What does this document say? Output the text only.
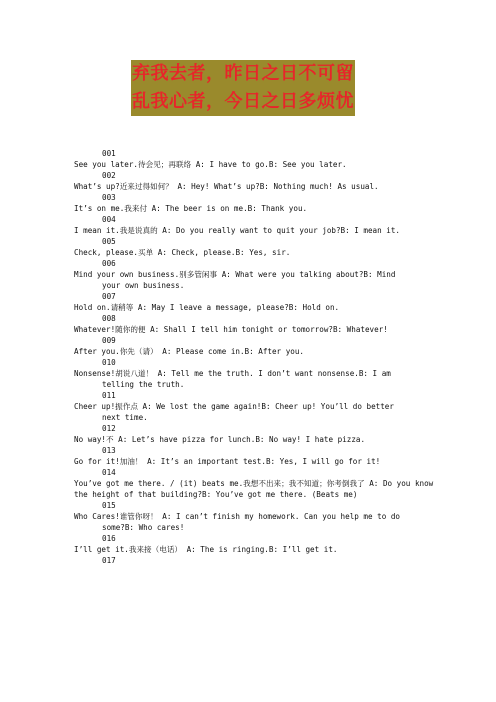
弃我去者，昨日之日不可留
乱我心者，今日之日多烦忧
001
See you later.待会见；再联络 A: I have to go.B: See you later.
002
What’s up?近来过得如何？ A: Hey! What’s up?B: Nothing much! As usual.
003
It’s on me.我来付 A: The beer is on me.B: Thank you.
004
I mean it.我是说真的 A: Do you really want to quit your job?B: I mean it.
005
Check, please.买单 A: Check, please.B: Yes, sir.
006
Mind your own business.别多管闲事 A: What were you talking about?B: Mind
your own business.
007
Hold on.请稍等 A: May I leave a message, please?B: Hold on.
008
Whatever!随你的便 A: Shall I tell him tonight or tomorrow?B: Whatever!
009
After you.你先（请） A: Please come in.B: After you.
010
Nonsense!胡说八道！ A: Tell me the truth. I don’t want nonsense.B: I am
telling the truth.
011
Cheer up!振作点 A: We lost the game again!B: Cheer up! You’ll do better
next time.
012
No way!不 A: Let’s have pizza for lunch.B: No way! I hate pizza.
013
Go for it!加油！ A: It’s an important test.B: Yes, I will go for it!
014
You’ve got me there. / (it) beats me.我想不出来；我不知道；你考倒我了 A: Do you know the height of that building?B: You’ve got me there. (Beats me)
015
Who Cares!谁管你呀！ A: I can’t finish my homework. Can you help me to do
some?B: Who cares!
016
I’ll get it.我来接（电话） A: The is ringing.B: I’ll get it.
017
